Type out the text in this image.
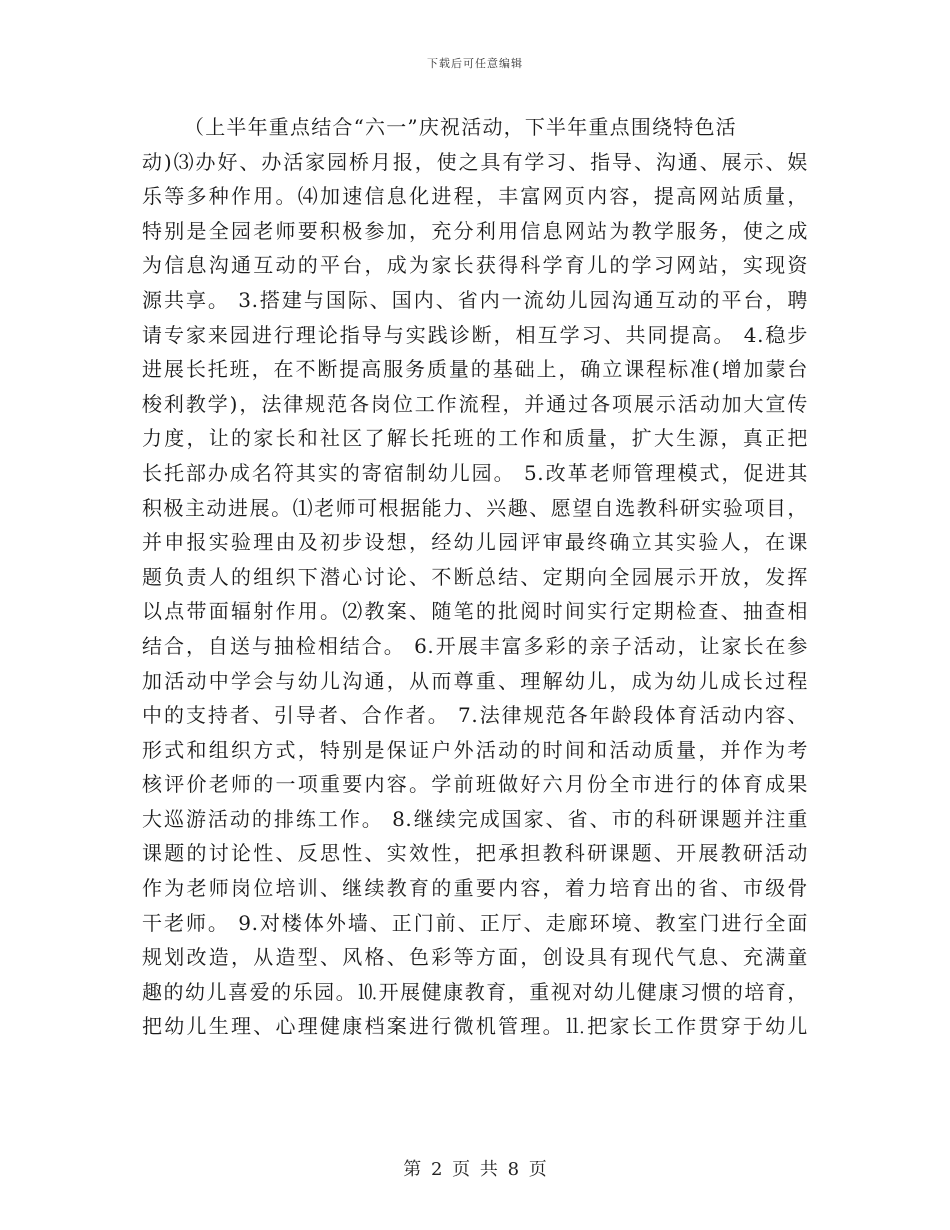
下载后可任意编辑
（上半年重点结合“六一”庆祝活动，下半年重点围绕特色活
动)⑶办好、办活家园桥月报，使之具有学习、指导、沟通、展示、娱
乐等多种作用。⑷加速信息化进程，丰富网页内容，提高网站质量，
特别是全园老师要积极参加，充分利用信息网站为教学服务，使之成
为信息沟通互动的平台，成为家长获得科学育儿的学习网站，实现资
源共享。 3.搭建与国际、国内、省内一流幼儿园沟通互动的平台，聘
请专家来园进行理论指导与实践诊断，相互学习、共同提高。 4.稳步
进展长托班，在不断提高服务质量的基础上，确立课程标准(增加蒙台
梭利教学)，法律规范各岗位工作流程，并通过各项展示活动加大宣传
力度，让的家长和社区了解长托班的工作和质量，扩大生源，真正把
长托部办成名符其实的寄宿制幼儿园。 5.改革老师管理模式，促进其
积极主动进展。⑴老师可根据能力、兴趣、愿望自选教科研实验项目，
并申报实验理由及初步设想，经幼儿园评审最终确立其实验人，在课
题负责人的组织下潜心讨论、不断总结、定期向全园展示开放，发挥
以点带面辐射作用。⑵教案、随笔的批阅时间实行定期检查、抽查相
结合，自送与抽检相结合。 6.开展丰富多彩的亲子活动，让家长在参
加活动中学会与幼儿沟通，从而尊重、理解幼儿，成为幼儿成长过程
中的支持者、引导者、合作者。 7.法律规范各年龄段体育活动内容、
形式和组织方式，特别是保证户外活动的时间和活动质量，并作为考
核评价老师的一项重要内容。学前班做好六月份全市进行的体育成果
大巡游活动的排练工作。 8.继续完成国家、省、市的科研课题并注重
课题的讨论性、反思性、实效性，把承担教科研课题、开展教研活动
作为老师岗位培训、继续教育的重要内容，着力培育出的省、市级骨
干老师。 9.对楼体外墙、正门前、正厅、走廊环境、教室门进行全面
规划改造，从造型、风格、色彩等方面，创设具有现代气息、充满童
趣的幼儿喜爱的乐园。⒑开展健康教育，重视对幼儿健康习惯的培育，
把幼儿生理、心理健康档案进行微机管理。⒒把家长工作贯穿于幼儿
第 2 页 共 8 页
